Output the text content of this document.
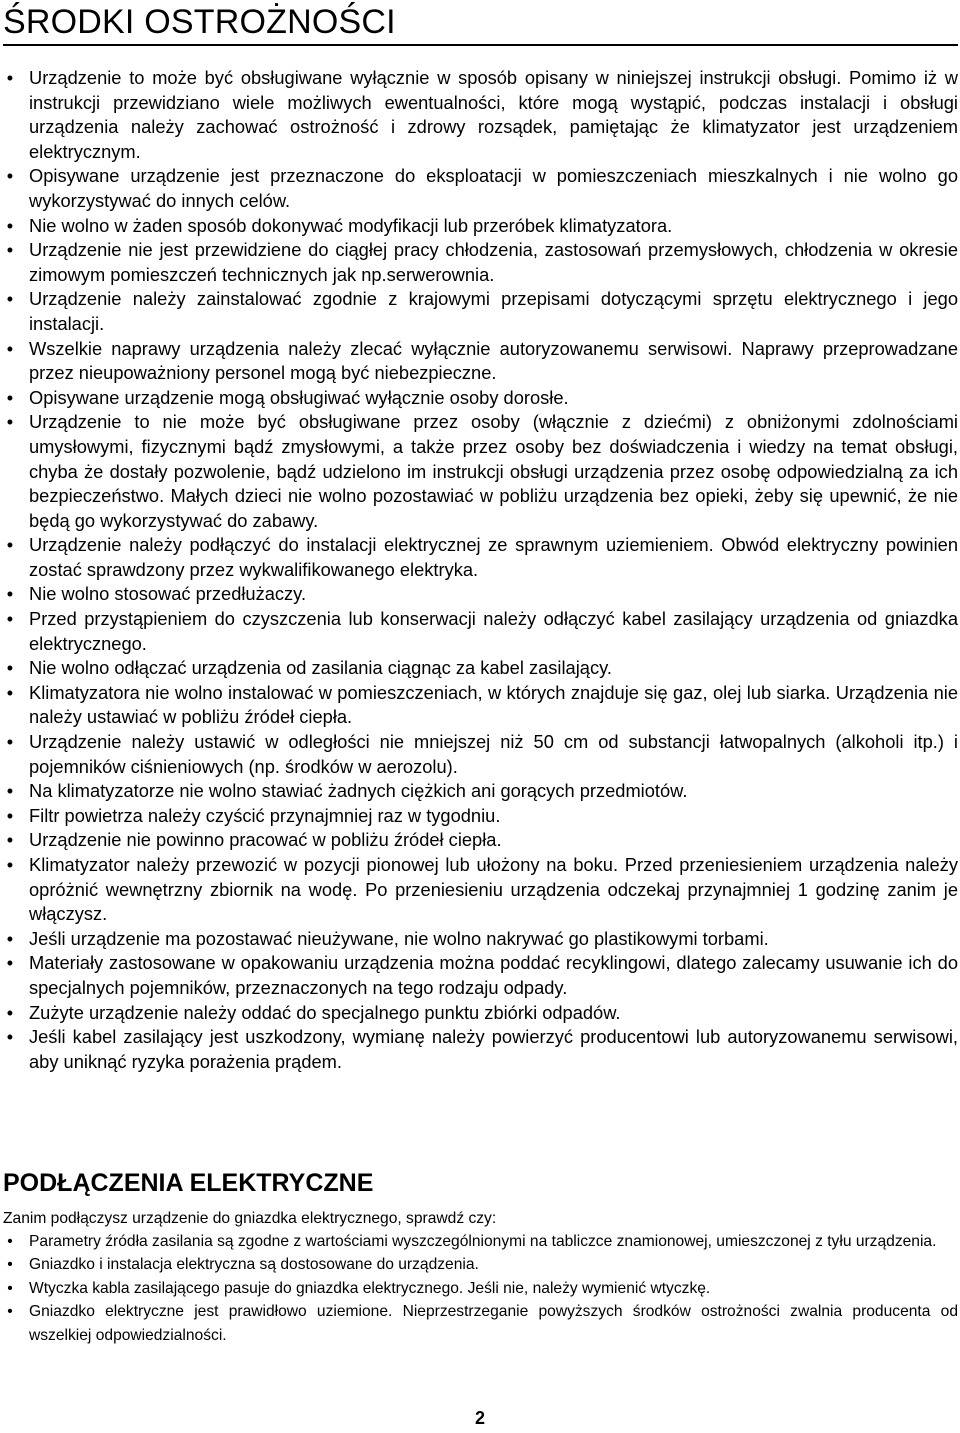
ŚRODKI OSTROŻNOŚCI
• Urządzenie to może być obsługiwane wyłącznie w sposób opisany w niniejszej instrukcji obsługi. Pomimo iż w instrukcji przewidziano wiele możliwych ewentualności, które mogą wystąpić, podczas instalacji i obsługi urządzenia należy zachować ostrożność i zdrowy rozsądek, pamiętając że klimatyzator jest urządzeniem elektrycznym.
• Opisywane urządzenie jest przeznaczone do eksploatacji w pomieszczeniach mieszkalnych i nie wolno go wykorzystywać do innych celów.
• Nie wolno w żaden sposób dokonywać modyfikacji lub przeróbek klimatyzatora.
• Urządzenie nie jest przewidziene do ciągłej pracy chłodzenia, zastosowań przemysłowych, chłodzenia w okresie zimowym pomieszczeń technicznych jak np.serwerownia.
• Urządzenie należy zainstalować zgodnie z krajowymi przepisami dotyczącymi sprzętu elektrycznego i jego instalacji.
• Wszelkie naprawy urządzenia należy zlecać wyłącznie autoryzowanemu serwisowi. Naprawy przeprowadzane przez nieupoważniony personel mogą być niebezpieczne.
• Opisywane urządzenie mogą obsługiwać wyłącznie osoby dorosłe.
• Urządzenie to nie może być obsługiwane przez osoby (włącznie z dziećmi) z obniżonymi zdolnościami umysłowymi, fizycznymi bądź zmysłowymi, a także przez osoby bez doświadczenia i wiedzy na temat obsługi, chyba że dostały pozwolenie, bądź udzielono im instrukcji obsługi urządzenia przez osobę odpowiedzialną za ich bezpieczeństwo. Małych dzieci nie wolno pozostawiać w pobliżu urządzenia bez opieki, żeby się upewnić, że nie będą go wykorzystywać do zabawy.
• Urządzenie należy podłączyć do instalacji elektrycznej ze sprawnym uziemieniem. Obwód elektryczny powinien zostać sprawdzony przez wykwalifikowanego elektryka.
• Nie wolno stosować przedłużaczy.
• Przed przystąpieniem do czyszczenia lub konserwacji należy odłączyć kabel zasilający urządzenia od gniazdka elektrycznego.
• Nie wolno odłączać urządzenia od zasilania ciągnąc za kabel zasilający.
• Klimatyzatora nie wolno instalować w pomieszczeniach, w których znajduje się gaz, olej lub siarka. Urządzenia nie należy ustawiać w pobliżu źródeł ciepła.
• Urządzenie należy ustawić w odległości nie mniejszej niż 50 cm od substancji łatwopalnych (alkoholi itp.) i pojemników ciśnieniowych (np. środków w aerozolu).
• Na klimatyzatorze nie wolno stawiać żadnych ciężkich ani gorących przedmiotów.
• Filtr powietrza należy czyścić przynajmniej raz w tygodniu.
• Urządzenie nie powinno pracować w pobliżu źródeł ciepła.
• Klimatyzator należy przewozić w pozycji pionowej lub ułożony na boku. Przed przeniesieniem urządzenia należy opróżnić wewnętrzny zbiornik na wodę. Po przeniesieniu urządzenia odczekaj przynajmniej 1 godzinę zanim je włączysz.
• Jeśli urządzenie ma pozostawać nieużywane, nie wolno nakrywać go plastikowymi torbami.
• Materiały zastosowane w opakowaniu urządzenia można poddać recyklingowi, dlatego zalecamy usuwanie ich do specjalnych pojemników, przeznaczonych na tego rodzaju odpady.
• Zużyte urządzenie należy oddać do specjalnego punktu zbiórki odpadów.
• Jeśli kabel zasilający jest uszkodzony, wymianę należy powierzyć producentowi lub autoryzowanemu serwisowi, aby uniknąć ryzyka porażenia prądem.
PODŁĄCZENIA ELEKTRYCZNE

Zanim podłączysz urządzenie do gniazdka elektrycznego, sprawdź czy:

• Parametry źródła zasilania są zgodne z wartościami wyszczególnionymi na tabliczce znamionowej, umieszczonej z tyłu urządzenia.
• Gniazdko i instalacja elektryczna są dostosowane do urządzenia.
• Wtyczka kabla zasilającego pasuje do gniazdka elektrycznego. Jeśli nie, należy wymienić wtyczkę.
• Gniazdko elektryczne jest prawidłowo uziemione. Nieprzestrzeganie powyższych środków ostrożności zwalnia producenta od wszelkiej odpowiedzialności.
2
